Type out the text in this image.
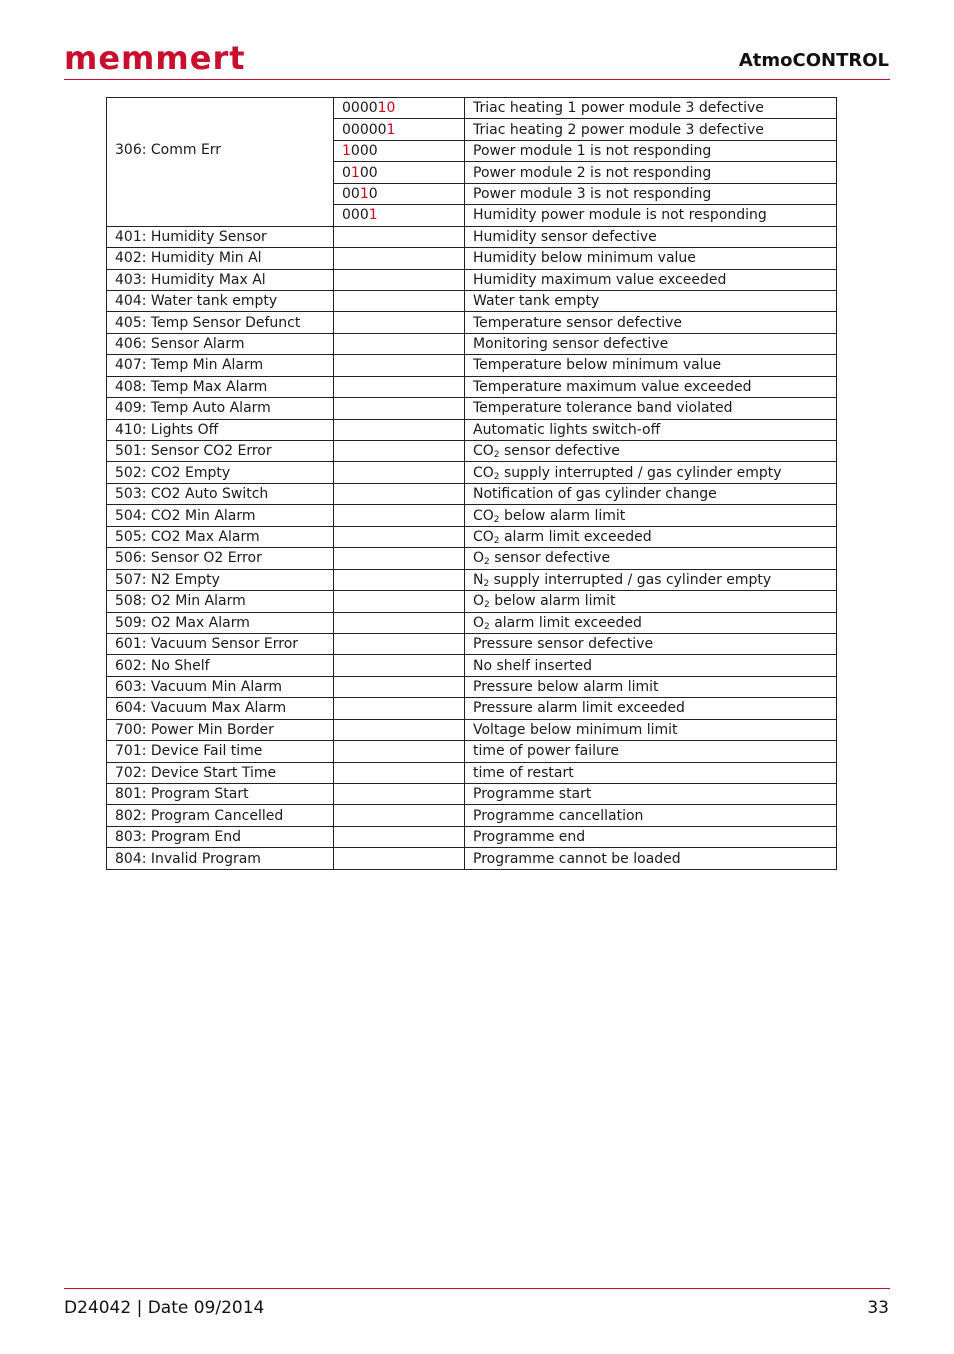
memmert	AtmoCONTROL
306: Comm Err	000010	Triac heating 1 power module 3 defective
	000001	Triac heating 2 power module 3 defective
	1000	Power module 1 is not responding
	0100	Power module 2 is not responding
	0010	Power module 3 is not responding
	0001	Humidity power module is not responding
401: Humidity Sensor		Humidity sensor defective
402: Humidity Min Al		Humidity below minimum value
403: Humidity Max Al		Humidity maximum value exceeded
404: Water tank empty		Water tank empty
405: Temp Sensor Defunct		Temperature sensor defective
406: Sensor Alarm		Monitoring sensor defective
407: Temp Min Alarm		Temperature below minimum value
408: Temp Max Alarm		Temperature maximum value exceeded
409: Temp Auto Alarm		Temperature tolerance band violated
410: Lights Off		Automatic lights switch-off
501: Sensor CO2 Error		$CO_2$ sensor defective
502: CO2 Empty		$CO_2$ supply interrupted / gas cylinder empty
503: CO2 Auto Switch		Notification of gas cylinder change
504: CO2 Min Alarm		$CO_2$ below alarm limit
505: CO2 Max Alarm		$CO_2$ alarm limit exceeded
506: Sensor O2 Error		$O_2$ sensor defective
507: N2 Empty		$N_2$ supply interrupted / gas cylinder empty
508: O2 Min Alarm		$O_2$ below alarm limit
509: O2 Max Alarm		$O_2$ alarm limit exceeded
601: Vacuum Sensor Error		Pressure sensor defective
602: No Shelf		No shelf inserted
603: Vacuum Min Alarm		Pressure below alarm limit
604: Vacuum Max Alarm		Pressure alarm limit exceeded
700: Power Min Border		Voltage below minimum limit
701: Device Fail time		time of power failure
702: Device Start Time		time of restart
801: Program Start		Programme start
802: Program Cancelled		Programme cancellation
803: Program End		Programme end
804: Invalid Program		Programme cannot be loaded
D24042 | Date 09/2014	33
